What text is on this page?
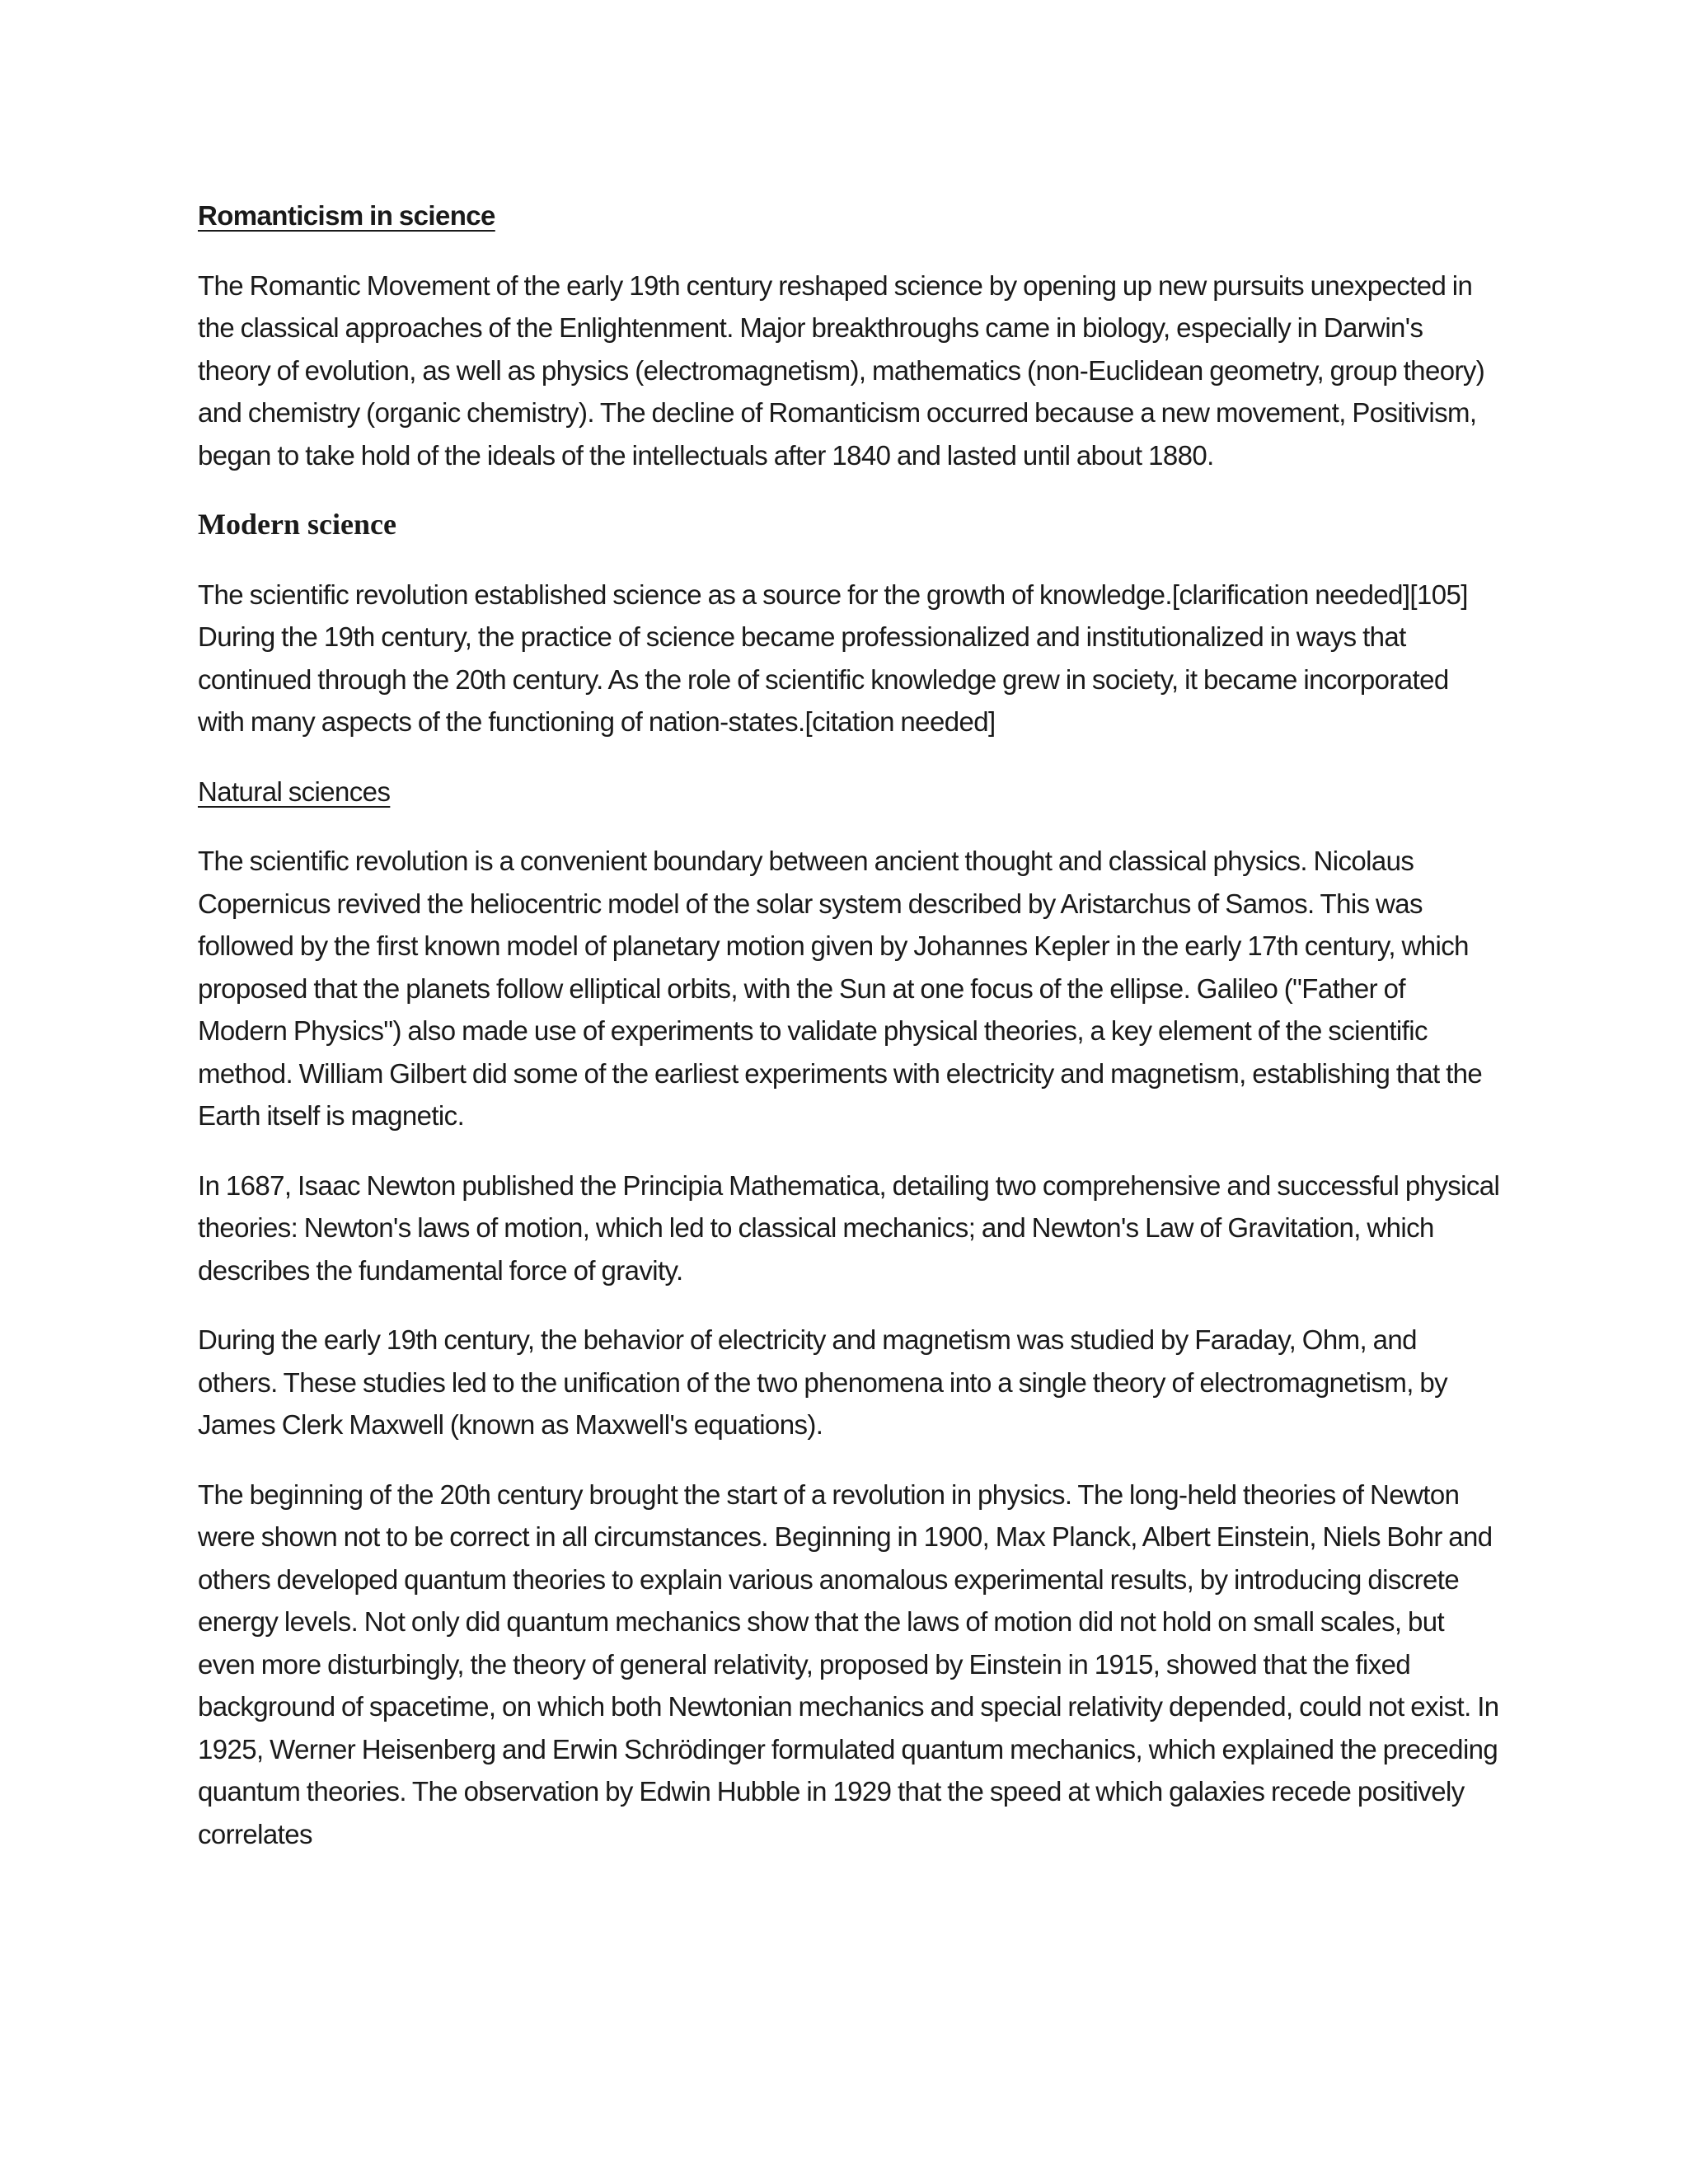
Romanticism in science

The Romantic Movement of the early 19th century reshaped science by opening up new pursuits unexpected in the classical approaches of the Enlightenment. Major breakthroughs came in biology, especially in Darwin's theory of evolution, as well as physics (electromagnetism), mathematics (non-Euclidean geometry, group theory) and chemistry (organic chemistry). The decline of Romanticism occurred because a new movement, Positivism, began to take hold of the ideals of the intellectuals after 1840 and lasted until about 1880.

Modern science

The scientific revolution established science as a source for the growth of knowledge.[clarification needed][105] During the 19th century, the practice of science became professionalized and institutionalized in ways that continued through the 20th century. As the role of scientific knowledge grew in society, it became incorporated with many aspects of the functioning of nation-states.[citation needed]

Natural sciences

The scientific revolution is a convenient boundary between ancient thought and classical physics. Nicolaus Copernicus revived the heliocentric model of the solar system described by Aristarchus of Samos. This was followed by the first known model of planetary motion given by Johannes Kepler in the early 17th century, which proposed that the planets follow elliptical orbits, with the Sun at one focus of the ellipse. Galileo ("Father of Modern Physics") also made use of experiments to validate physical theories, a key element of the scientific method. William Gilbert did some of the earliest experiments with electricity and magnetism, establishing that the Earth itself is magnetic.

In 1687, Isaac Newton published the Principia Mathematica, detailing two comprehensive and successful physical theories: Newton's laws of motion, which led to classical mechanics; and Newton's Law of Gravitation, which describes the fundamental force of gravity.

During the early 19th century, the behavior of electricity and magnetism was studied by Faraday, Ohm, and others. These studies led to the unification of the two phenomena into a single theory of electromagnetism, by James Clerk Maxwell (known as Maxwell's equations).

The beginning of the 20th century brought the start of a revolution in physics. The long-held theories of Newton were shown not to be correct in all circumstances. Beginning in 1900, Max Planck, Albert Einstein, Niels Bohr and others developed quantum theories to explain various anomalous experimental results, by introducing discrete energy levels. Not only did quantum mechanics show that the laws of motion did not hold on small scales, but even more disturbingly, the theory of general relativity, proposed by Einstein in 1915, showed that the fixed background of spacetime, on which both Newtonian mechanics and special relativity depended, could not exist. In 1925, Werner Heisenberg and Erwin Schrödinger formulated quantum mechanics, which explained the preceding quantum theories. The observation by Edwin Hubble in 1929 that the speed at which galaxies recede positively correlates
